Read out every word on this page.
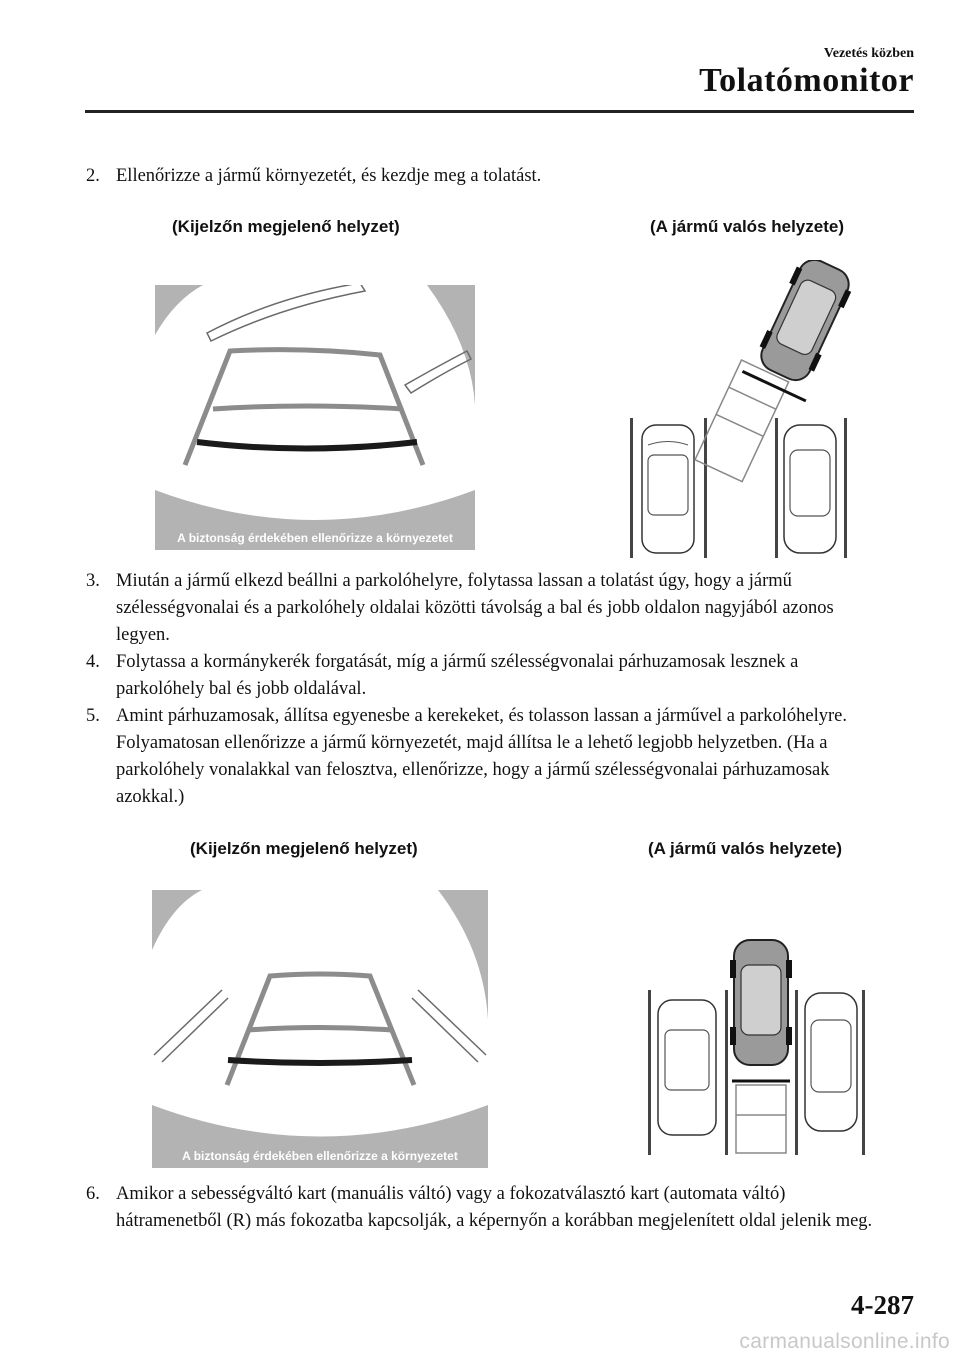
Vezetés közben
Tolatómonitor
2. Ellenőrizze a jármű környezetét, és kezdje meg a tolatást.
(Kijelzőn megjelenő helyzet)	(A jármű valós helyzete)
A biztonság érdekében ellenőrizze a környezetet
3. Miután a jármű elkezd beállni a parkolóhelyre, folytassa lassan a tolatást úgy, hogy a jármű szélességvonalai és a parkolóhely oldalai közötti távolság a bal és jobb oldalon nagyjából azonos legyen.
4. Folytassa a kormánykerék forgatását, míg a jármű szélességvonalai párhuzamosak lesznek a parkolóhely bal és jobb oldalával.
5. Amint párhuzamosak, állítsa egyenesbe a kerekeket, és tolasson lassan a járművel a parkolóhelyre. Folyamatosan ellenőrizze a jármű környezetét, majd állítsa le a lehető legjobb helyzetben. (Ha a parkolóhely vonalakkal van felosztva, ellenőrizze, hogy a jármű szélességvonalai párhuzamosak azokkal.)
(Kijelzőn megjelenő helyzet)	(A jármű valós helyzete)
A biztonság érdekében ellenőrizze a környezetet
6. Amikor a sebességváltó kart (manuális váltó) vagy a fokozatválasztó kart (automata váltó) hátramenetből (R) más fokozatba kapcsolják, a képernyőn a korábban megjelenített oldal jelenik meg.
4-287
carmanualsonline.info
